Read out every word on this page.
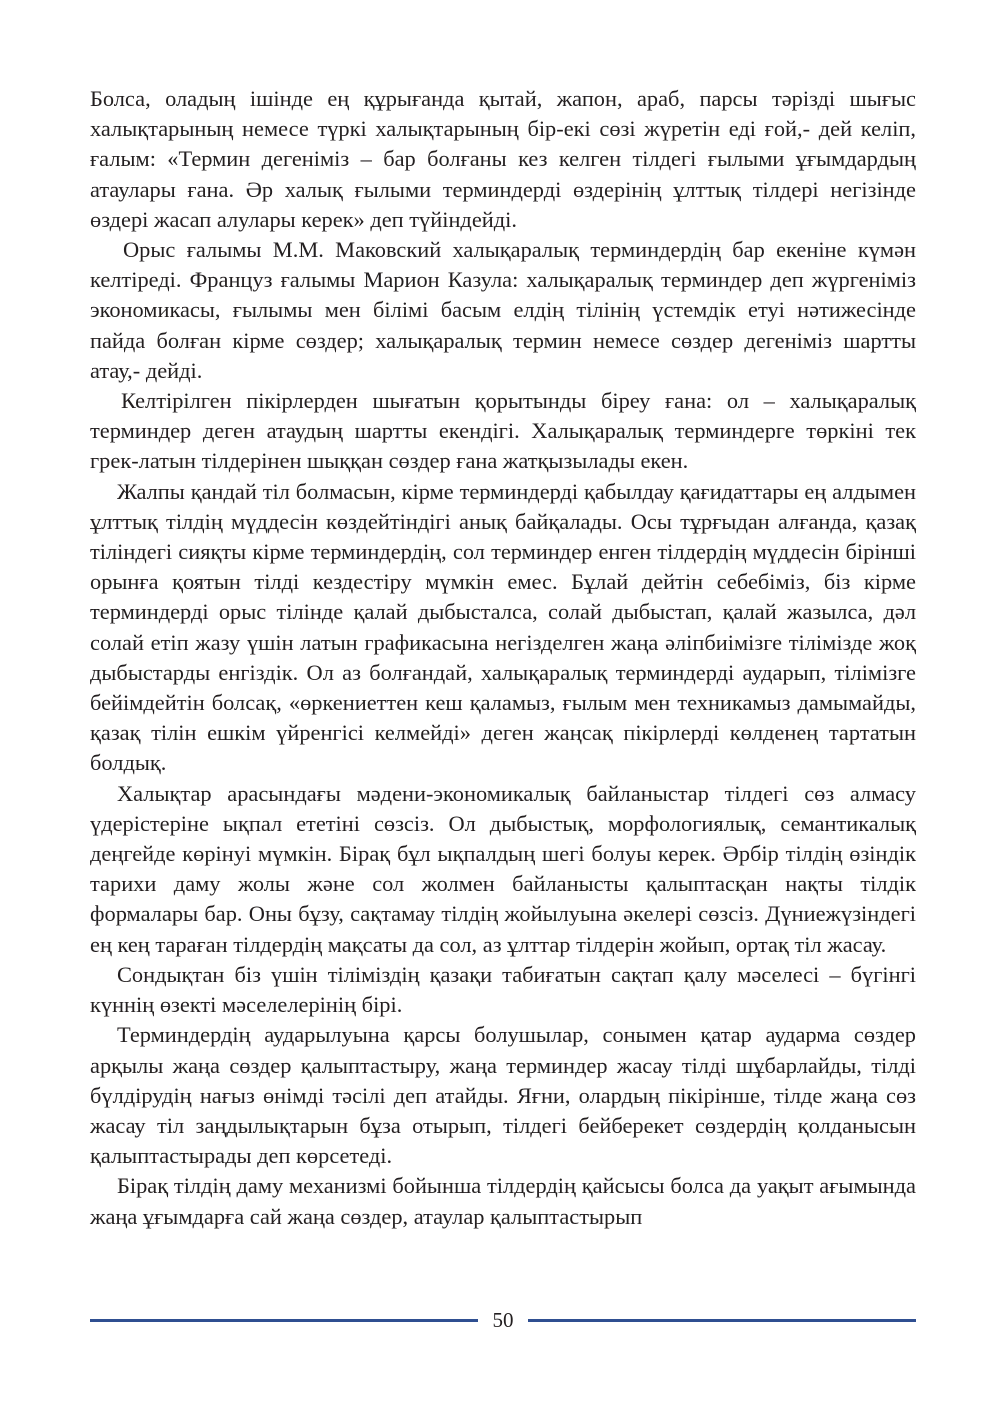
Болса, оладың ішінде ең құрығанда қытай, жапон, араб, парсы тәрізді шығыс халықтарының немесе түркі халықтарының бір-екі сөзі жүретін еді ғой,- дей келіп, ғалым: «Термин дегеніміз – бар болғаны кез келген тілдегі ғылыми ұғымдардың атаулары ғана. Әр халық ғылыми терминдерді өздерінің ұлттық тілдері негізінде өздері жасап алулары керек» деп түйіндейді.

Орыс ғалымы М.М. Маковский халықаралық терминдердің бар екеніне күмән келтіреді. Француз ғалымы Марион Казула: халықаралық терминдер деп жүргеніміз экономикасы, ғылымы мен білімі басым елдің тілінің үстемдік етуі нәтижесінде пайда болған кірме сөздер; халықаралық термин немесе сөздер дегеніміз шартты атау,- дейді.

Келтірілген пікірлерден шығатын қорытынды біреу ғана: ол – халықаралық терминдер деген атаудың шартты екендігі. Халықаралық терминдерге төркіні тек грек-латын тілдерінен шыққан сөздер ғана жатқызылады екен.

Жалпы қандай тіл болмасын, кірме терминдерді қабылдау қағидаттары ең алдымен ұлттық тілдің мүддесін көздейтіндігі анық байқалады. Осы тұрғыдан алғанда, қазақ тіліндегі сияқты кірме терминдердің, сол терминдер енген тілдердің мүддесін бірінші орынға қоятын тілді кездестіру мүмкін емес. Бұлай дейтін себебіміз, біз кірме терминдерді орыс тілінде қалай дыбысталса, солай дыбыстап, қалай жазылса, дәл солай етіп жазу үшін латын графикасына негізделген жаңа әліпбиімізге тілімізде жоқ дыбыстарды енгіздік. Ол аз болғандай, халықаралық терминдерді аударып, тілімізге бейімдейтін болсақ, «өркениеттен кеш қаламыз, ғылым мен техникамыз дамымайды, қазақ тілін ешкім үйренгісі келмейді» деген жаңсақ пікірлерді көлденең тартатын болдық.

Халықтар арасындағы мәдени-экономикалық байланыстар тілдегі сөз алмасу үдерістеріне ықпал ететіні сөзсіз. Ол дыбыстық, морфологиялық, семантикалық деңгейде көрінуі мүмкін. Бірақ бұл ықпалдың шегі болуы керек. Әрбір тілдің өзіндік тарихи даму жолы және сол жолмен байланысты қалыптасқан нақты тілдік формалары бар. Оны бұзу, сақтамау тілдің жойылуына әкелері сөзсіз. Дүниежүзіндегі ең кең тараған тілдердің мақсаты да сол, аз ұлттар тілдерін жойып, ортақ тіл жасау.

Сондықтан біз үшін тіліміздің қазақи табиғатын сақтап қалу мәселесі – бүгінгі күннің өзекті мәселелерінің бірі.

Терминдердің аударылуына қарсы болушылар, сонымен қатар аударма сөздер арқылы жаңа сөздер қалыптастыру, жаңа терминдер жасау тілді шұбарлайды, тілді бүлдірудің нағыз өнімді тәсілі деп атайды. Яғни, олардың пікірінше, тілде жаңа сөз жасау тіл заңдылықтарын бұза отырып, тілдегі бейберекет сөздердің қолданысын қалыптастырады деп көрсетеді.

Бірақ тілдің даму механизмі бойынша тілдердің қайсысы болса да уақыт ағымында жаңа ұғымдарға сай жаңа сөздер, атаулар қалыптастырып

50
